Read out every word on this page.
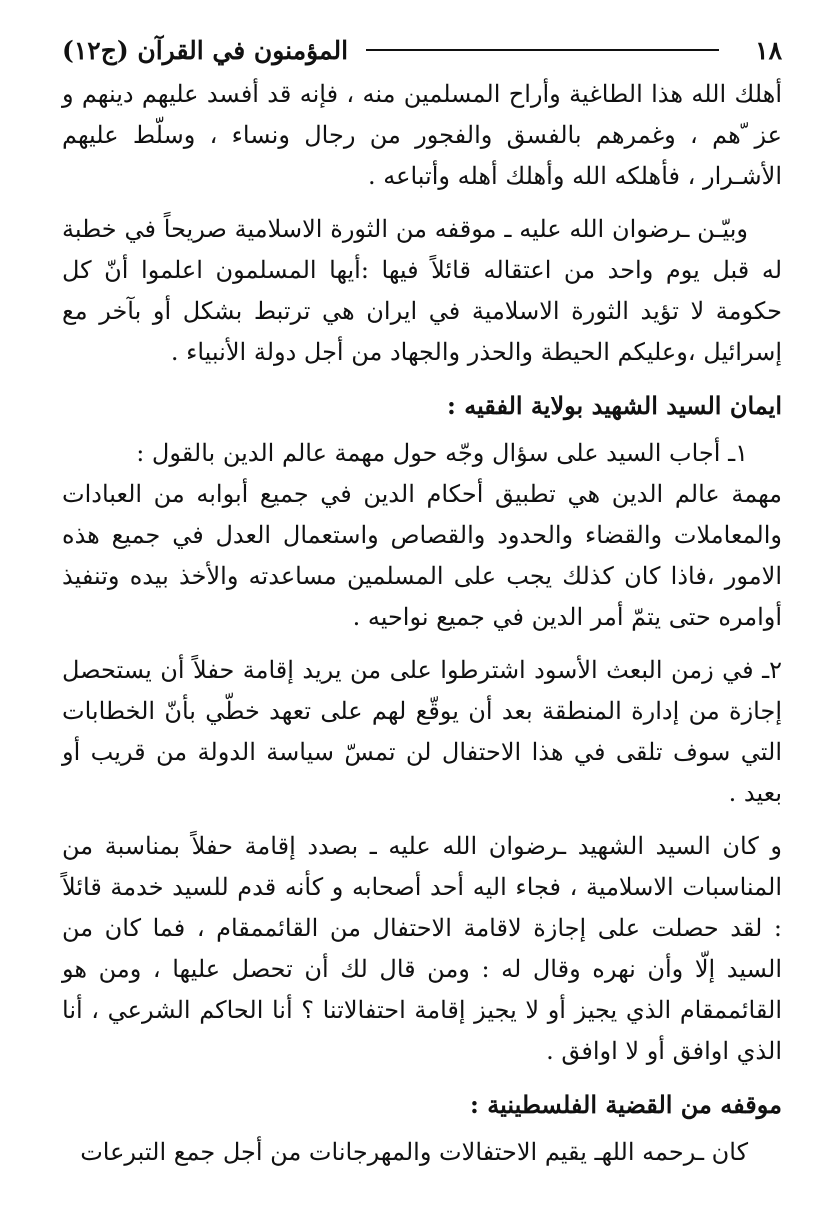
١٨
المؤمنون في القرآن (ج١٢)

أهلك الله هذا الطاغية وأراح المسلمين منه ، فإنه قد أفسد عليهم دينهم و عز ّهم ، وغمرهم بالفسق والفجور من رجال ونساء ، وسلّط عليهم الأشـرار ، فأهلكه الله وأهلك أهله وأتباعه .

وبيّـن ـرضوان الله عليه ـ موقفه من الثورة الاسلامية صريحاً في خطبة له قبل يوم واحد من اعتقاله قائلاً فيها :أيها المسلمون اعلموا أنّ كل حكومة لا تؤيد الثورة الاسلامية في ايران هي ترتبط بشكل أو بآخر مع إسرائيل ،وعليكم الحيطة والحذر والجهاد من أجل دولة الأنبياء .

ايمان السيد الشهيد بولاية الفقيه :

١ـ أجاب السيد على سؤال وجّه حول مهمة عالم الدين بالقول :

مهمة عالم الدين هي تطبيق أحكام الدين في جميع أبوابه من العبادات والمعاملات والقضاء والحدود والقصاص واستعمال العدل في جميع هذه الامور ،فاذا كان كذلك يجب على المسلمين مساعدته والأخذ بيده وتنفيذ أوامره حتى يتمّ أمر الدين في جميع نواحيه .

٢ـ في زمن البعث الأسود اشترطوا على من يريد إقامة حفلاً أن يستحصل إجازة من إدارة المنطقة بعد أن يوقّع لهم على تعهد خطّي بأنّ الخطابات التي سوف تلقى في هذا الاحتفال لن تمسّ سياسة الدولة من قريب أو بعيد .

و كان السيد الشهيد ـرضوان الله عليه ـ بصدد إقامة حفلاً بمناسبة من المناسبات الاسلامية ، فجاء اليه أحد أصحابه و كأنه قدم للسيد خدمة قائلاً : لقد حصلت على إجازة لاقامة الاحتفال من القائممقام ، فما كان من السيد إلّا وأن نهره وقال له : ومن قال لك أن تحصل عليها ، ومن هو القائممقام الذي يجيز أو لا يجيز إقامة احتفالاتنا ؟ أنا الحاكم الشرعي ، أنا الذي اوافق أو لا اوافق .

موقفه من القضية الفلسطينية :

كان ـرحمه اللهـ يقيم الاحتفالات والمهرجانات من أجل جمع التبرعات
